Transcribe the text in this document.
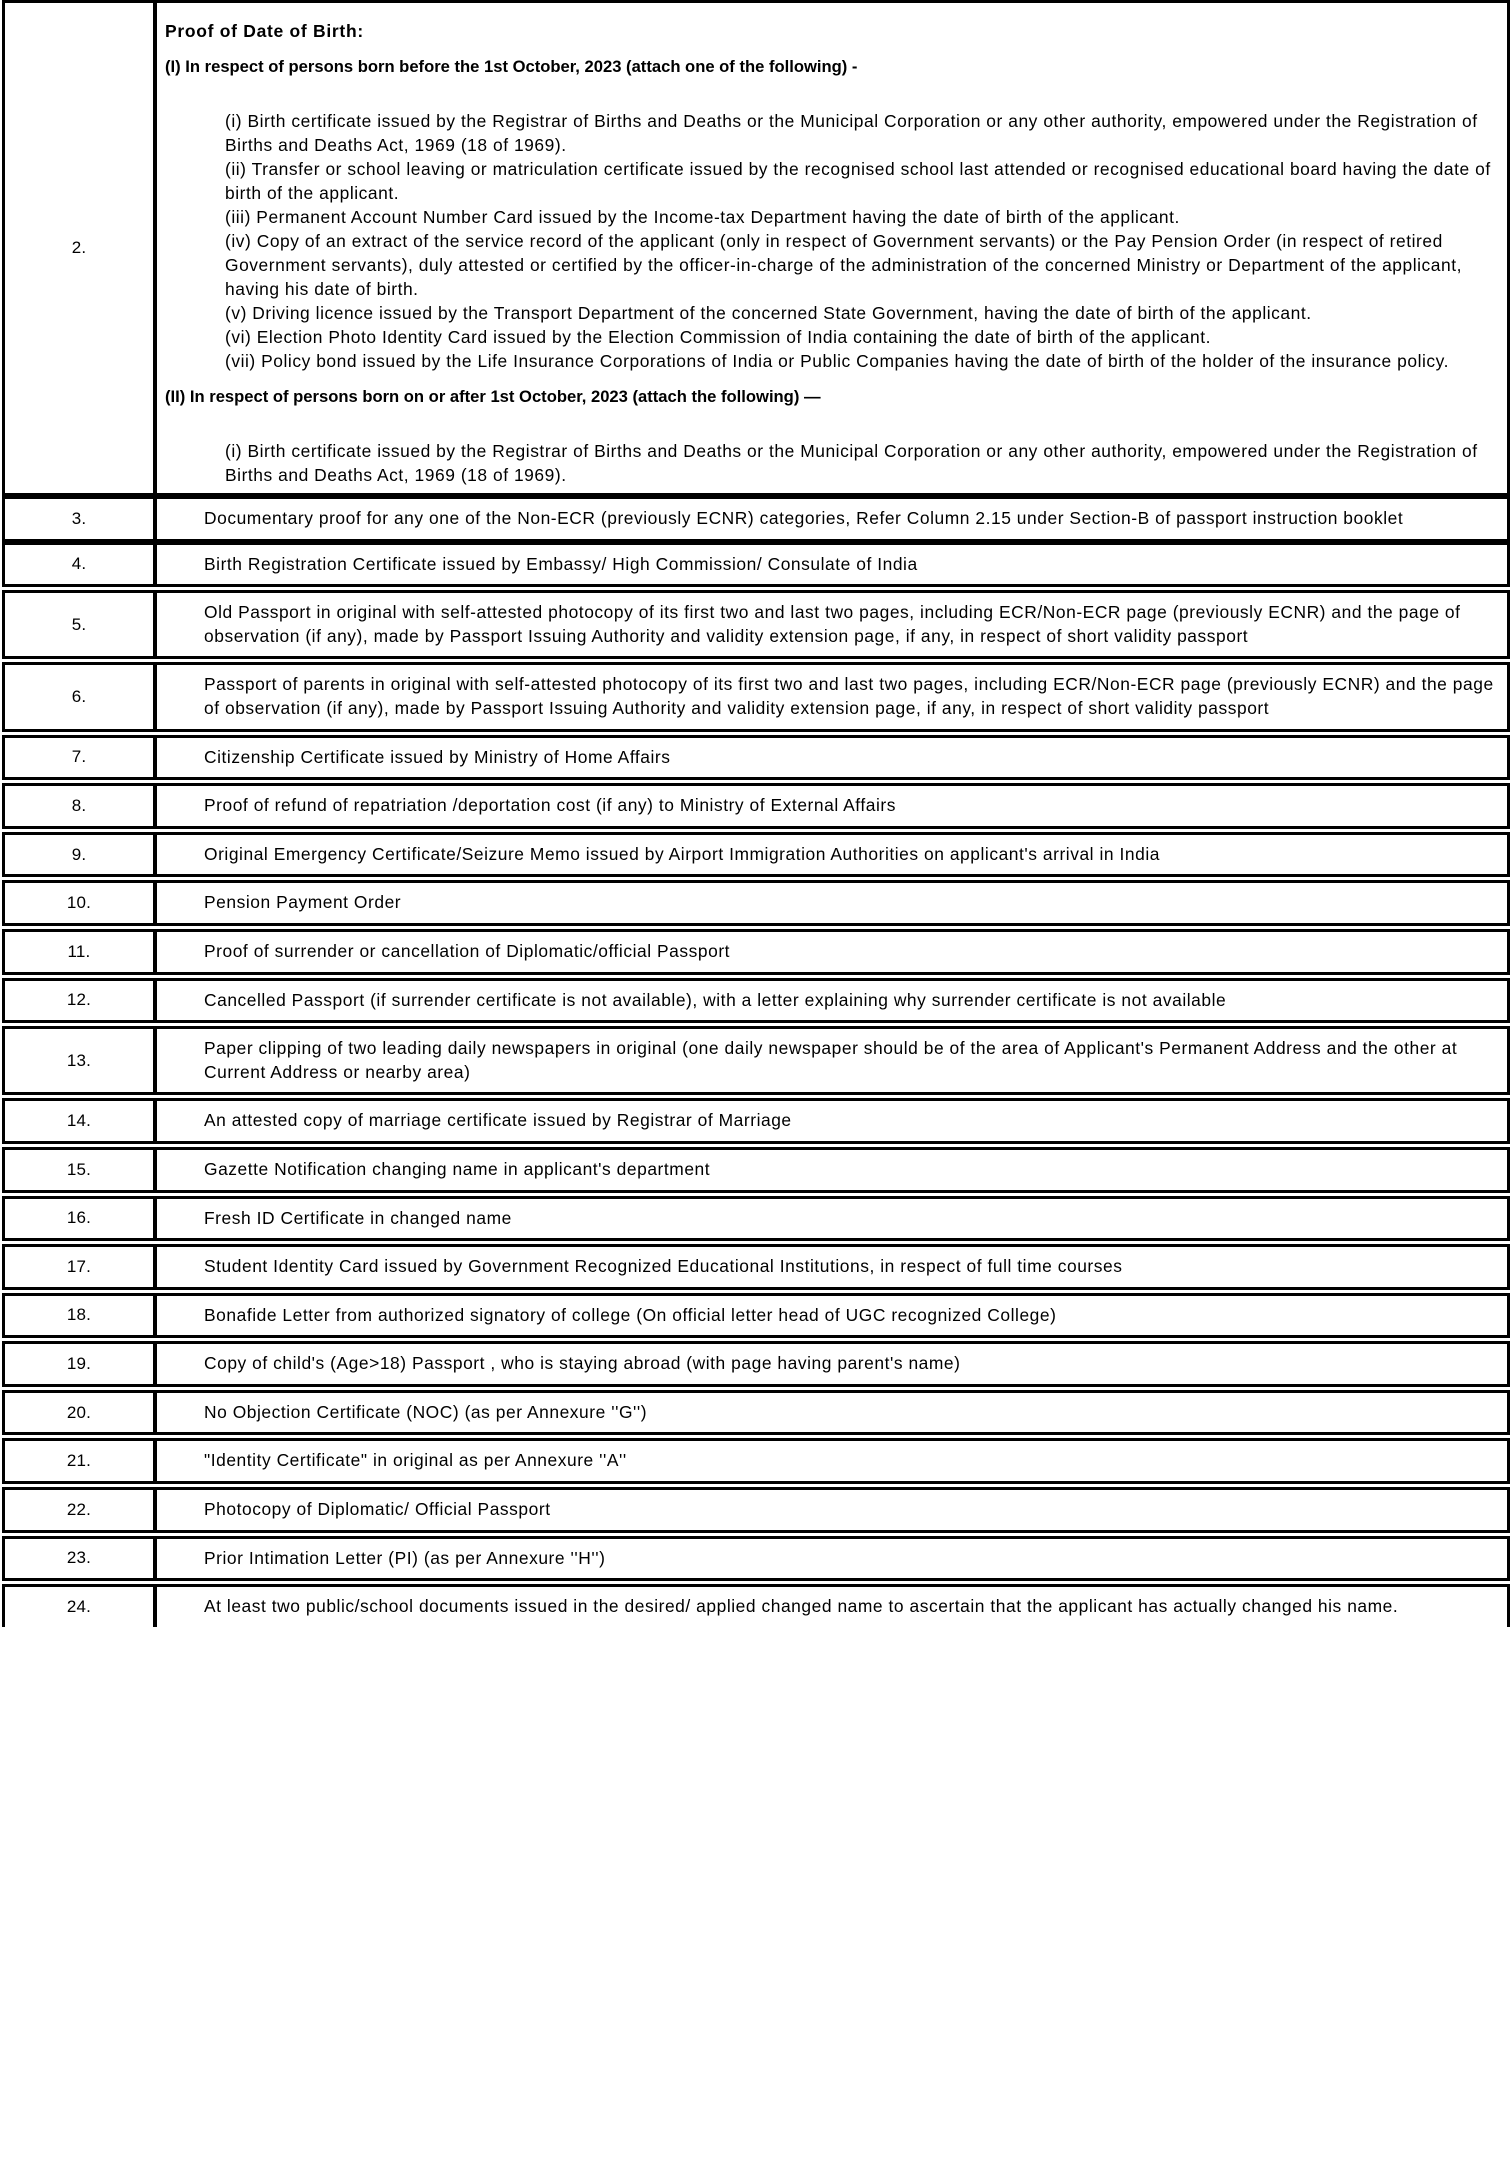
2.

Proof of Date of Birth:

(I) In respect of persons born before the 1st October, 2023 (attach one of the following) -

(i) Birth certificate issued by the Registrar of Births and Deaths or the Municipal Corporation or any other authority, empowered under the Registration of Births and Deaths Act, 1969 (18 of 1969).
(ii) Transfer or school leaving or matriculation certificate issued by the recognised school last attended or recognised educational board having the date of birth of the applicant.
(iii) Permanent Account Number Card issued by the Income-tax Department having the date of birth of the applicant.
(iv) Copy of an extract of the service record of the applicant (only in respect of Government servants) or the Pay Pension Order (in respect of retired Government servants), duly attested or certified by the officer-in-charge of the administration of the concerned Ministry or Department of the applicant, having his date of birth.
(v) Driving licence issued by the Transport Department of the concerned State Government, having the date of birth of the applicant.
(vi) Election Photo Identity Card issued by the Election Commission of India containing the date of birth of the applicant.
(vii) Policy bond issued by the Life Insurance Corporations of India or Public Companies having the date of birth of the holder of the insurance policy.

(II) In respect of persons born on or after 1st October, 2023 (attach the following) —

(i) Birth certificate issued by the Registrar of Births and Deaths or the Municipal Corporation or any other authority, empowered under the Registration of Births and Deaths Act, 1969 (18 of 1969).
3.	Documentary proof for any one of the Non-ECR (previously ECNR) categories, Refer Column 2.15 under Section-B of passport instruction booklet
4.	Birth Registration Certificate issued by Embassy/ High Commission/ Consulate of India
5.
Old Passport in original with self-attested photocopy of its first two and last two pages, including ECR/Non-ECR page (previously ECNR) and the page of observation (if any), made by Passport Issuing Authority and validity extension page, if any, in respect of short validity passport
6.
Passport of parents in original with self-attested photocopy of its first two and last two pages, including ECR/Non-ECR page (previously ECNR) and the page of observation (if any), made by Passport Issuing Authority and validity extension page, if any, in respect of short validity passport
7.	Citizenship Certificate issued by Ministry of Home Affairs
8.	Proof of refund of repatriation /deportation cost (if any) to Ministry of External Affairs
9.	Original Emergency Certificate/Seizure Memo issued by Airport Immigration Authorities on applicant's arrival in India
10.	Pension Payment Order
11.	Proof of surrender or cancellation of Diplomatic/official Passport
12.	Cancelled Passport (if surrender certificate is not available), with a letter explaining why surrender certificate is not available
13.
Paper clipping of two leading daily newspapers in original (one daily newspaper should be of the area of Applicant's Permanent Address and the other at Current Address or nearby area)
14.	An attested copy of marriage certificate issued by Registrar of Marriage
15.	Gazette Notification changing name in applicant's department
16.	Fresh ID Certificate in changed name
17.	Student Identity Card issued by Government Recognized Educational Institutions, in respect of full time courses
18.	Bonafide Letter from authorized signatory of college (On official letter head of UGC recognized College)
19.	Copy of child's (Age>18) Passport , who is staying abroad (with page having parent's name)
20.	No Objection Certificate (NOC) (as per Annexure ''G'')
21.	"Identity Certificate" in original as per Annexure ''A''
22.	Photocopy of Diplomatic/ Official Passport
23.	Prior Intimation Letter (PI) (as per Annexure ''H'')
24.	At least two public/school documents issued in the desired/ applied changed name to ascertain that the applicant has actually changed his name.
